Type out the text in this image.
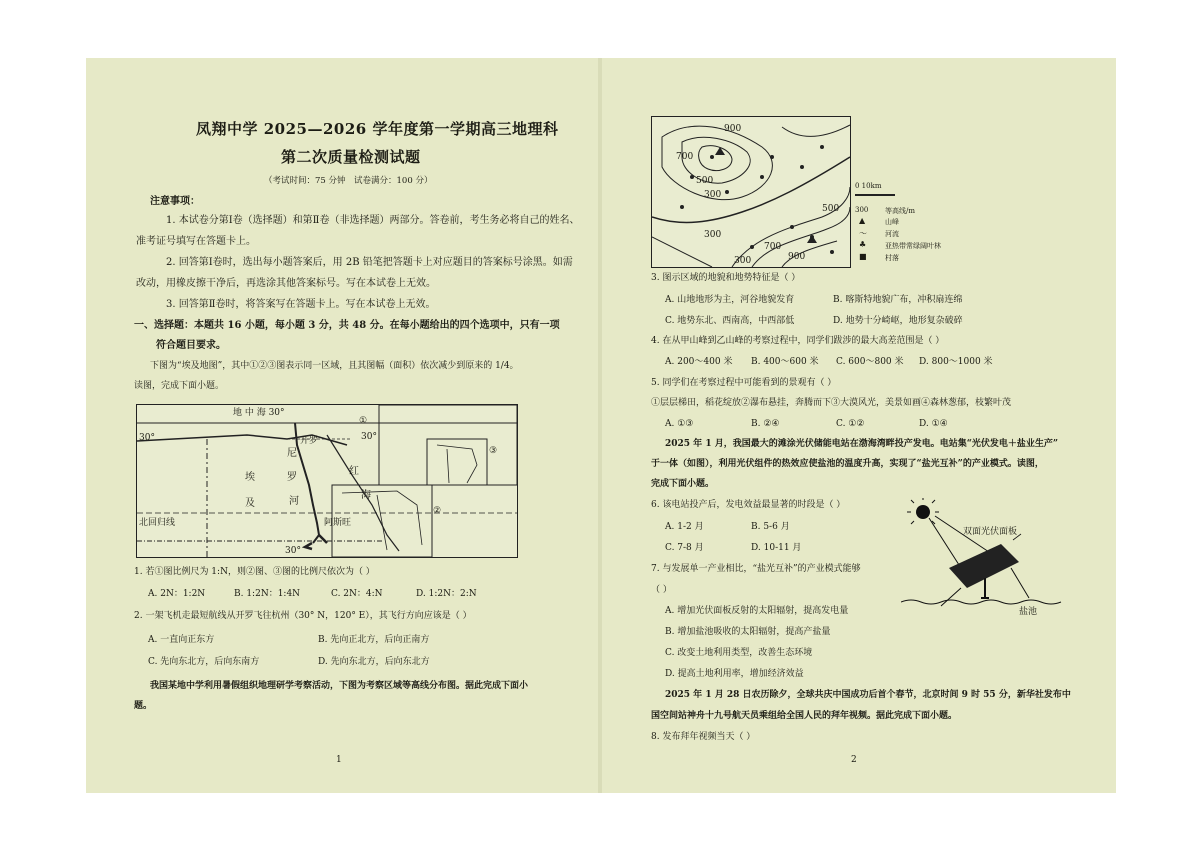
凤翔中学 2025—2026 学年度第一学期高三地理科

第二次质量检测试题

（考试时间：75 分钟　试卷满分：100 分）

注意事项：

1. 本试卷分第Ⅰ卷（选择题）和第Ⅱ卷（非选择题）两部分。答卷前，考生务必将自己的姓名、

准考证号填写在答题卡上。

2. 回答第Ⅰ卷时，选出每小题答案后，用 2B 铅笔把答题卡上对应题目的答案标号涂黑。如需

改动，用橡皮擦干净后，再选涂其他答案标号。写在本试卷上无效。

3. 回答第Ⅱ卷时，将答案写在答题卡上。写在本试卷上无效。

一、选择题：本题共 16 小题，每小题 3 分，共 48 分。在每小题给出的四个选项中，只有一项

符合题目要求。

下图为“埃及地图”，其中①②③图表示同一区域，且其图幅（面积）依次减少到原来的 1/4。

读图，完成下面小题。

地 中 海 30°
30°	30°
①
开罗
埃
及
尼
罗
河
红
海
阿斯旺
北回归线
30°
③
②

1. 若①图比例尺为 1:N，则②图、③图的比例尺依次为（ ）

A. 2N：1:2N	B. 1:2N：1:4N	C. 2N：4:N	D. 1:2N：2:N

2. 一架飞机走最短航线从开罗飞往杭州（30° N，120° E），其飞行方向应该是（ ）

A. 一直向正东方	B. 先向正北方，后向正南方

C. 先向东北方，后向东南方	D. 先向东北方，后向东北方

我国某地中学利用暑假组织地理研学考察活动，下图为考察区域等高线分布图。据此完成下面小

题。

1

900
700
500
300
300
700
900
500
300
0 10km
300 等高线/m
▲	山峰
～	河流
♣	亚热带常绿阔叶林
■	村落

3. 图示区域的地貌和地势特征是（ ）

A. 山地地形为主，河谷地貌发育	B. 喀斯特地貌广布，冲积扇连绵

C. 地势东北、西南高，中西部低	D. 地势十分崎岖，地形复杂破碎

4. 在从甲山峰到乙山峰的考察过程中，同学们跋涉的最大高差范围是（ ）

A. 200～400 米 B. 400～600 米 C. 600～800 米 D. 800～1000 米

5. 同学们在考察过程中可能看到的景观有（ ）

①层层梯田，稻花绽放②瀑布悬挂，奔腾而下③大漠风光，美景如画④森林葱郁，枝繁叶茂

A. ①③	B. ②④	C. ①②	D. ①④

2025 年 1 月，我国最大的滩涂光伏储能电站在渤海湾畔投产发电。电站集“光伏发电＋盐业生产”

于一体（如图），利用光伏组件的热效应使盐池的温度升高，实现了“盐光互补”的产业模式。读图，

完成下面小题。

6. 该电站投产后，发电效益最显著的时段是（ ）

A. 1-2 月	B. 5-6 月

C. 7-8 月	D. 10-11 月

双面光伏面板
盐池

7. 与发展单一产业相比，“盐光互补”的产业模式能够

（ ）

A. 增加光伏面板反射的太阳辐射，提高发电量

B. 增加盐池吸收的太阳辐射，提高产盐量

C. 改变土地利用类型，改善生态环境

D. 提高土地利用率，增加经济效益

2025 年 1 月 28 日农历除夕，全球共庆中国成功后首个春节，北京时间 9 时 55 分，新华社发布中

国空间站神舟十九号航天员乘组给全国人民的拜年视频。据此完成下面小题。

8. 发布拜年视频当天（ ）

2
